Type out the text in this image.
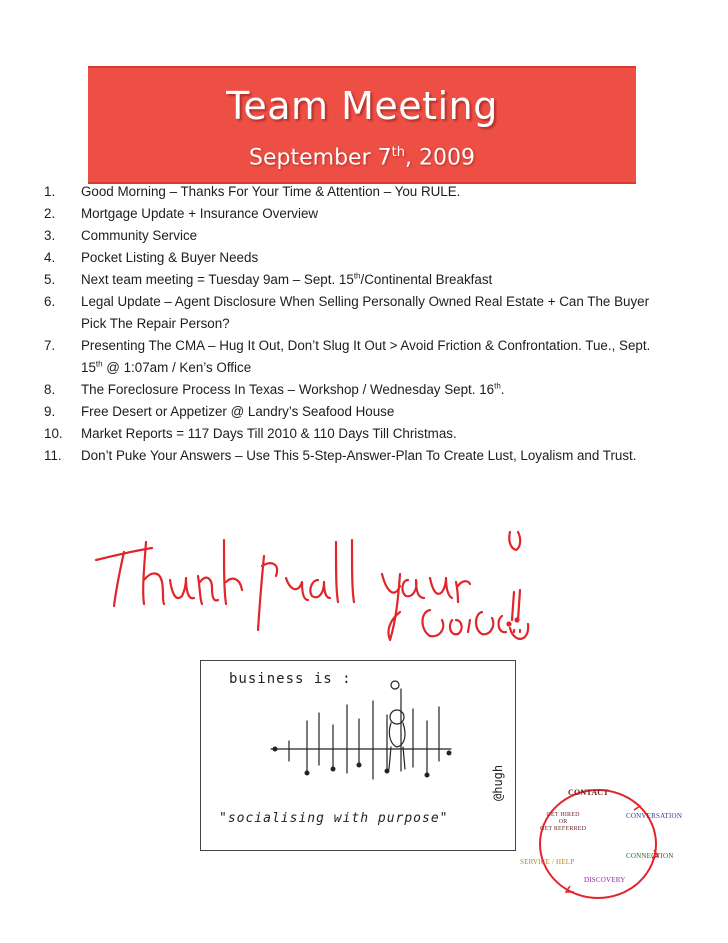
Team Meeting
September 7th, 2009
1.	Good Morning – Thanks For Your Time & Attention – You RULE.
2.	Mortgage Update + Insurance Overview
3.	Community Service
4.	Pocket Listing & Buyer Needs
5.	Next team meeting = Tuesday 9am – Sept. 15th/Continental Breakfast
6.	Legal Update – Agent Disclosure When Selling Personally Owned Real Estate + Can The Buyer Pick The Repair Person?
7.	Presenting The CMA – Hug It Out, Don’t Slug It Out > Avoid Friction & Confrontation. Tue., Sept. 15th @ 1:07am / Ken’s Office
8.	The Foreclosure Process In Texas – Workshop / Wednesday Sept. 16th.
9.	Free Desert or Appetizer @ Landry’s Seafood House
10.	Market Reports = 117 Days Till 2010 & 110 Days Till Christmas.
11.	Don’t Puke Your Answers – Use This 5-Step-Answer-Plan To Create Lust, Loyalism and Trust.
business is :
"socialising with purpose"
@hugh	CONTACT
GET HIRED
OR
GET REFERRED
CONVERSATION
CONNECTION
SERVICE / HELP
DISCOVERY
